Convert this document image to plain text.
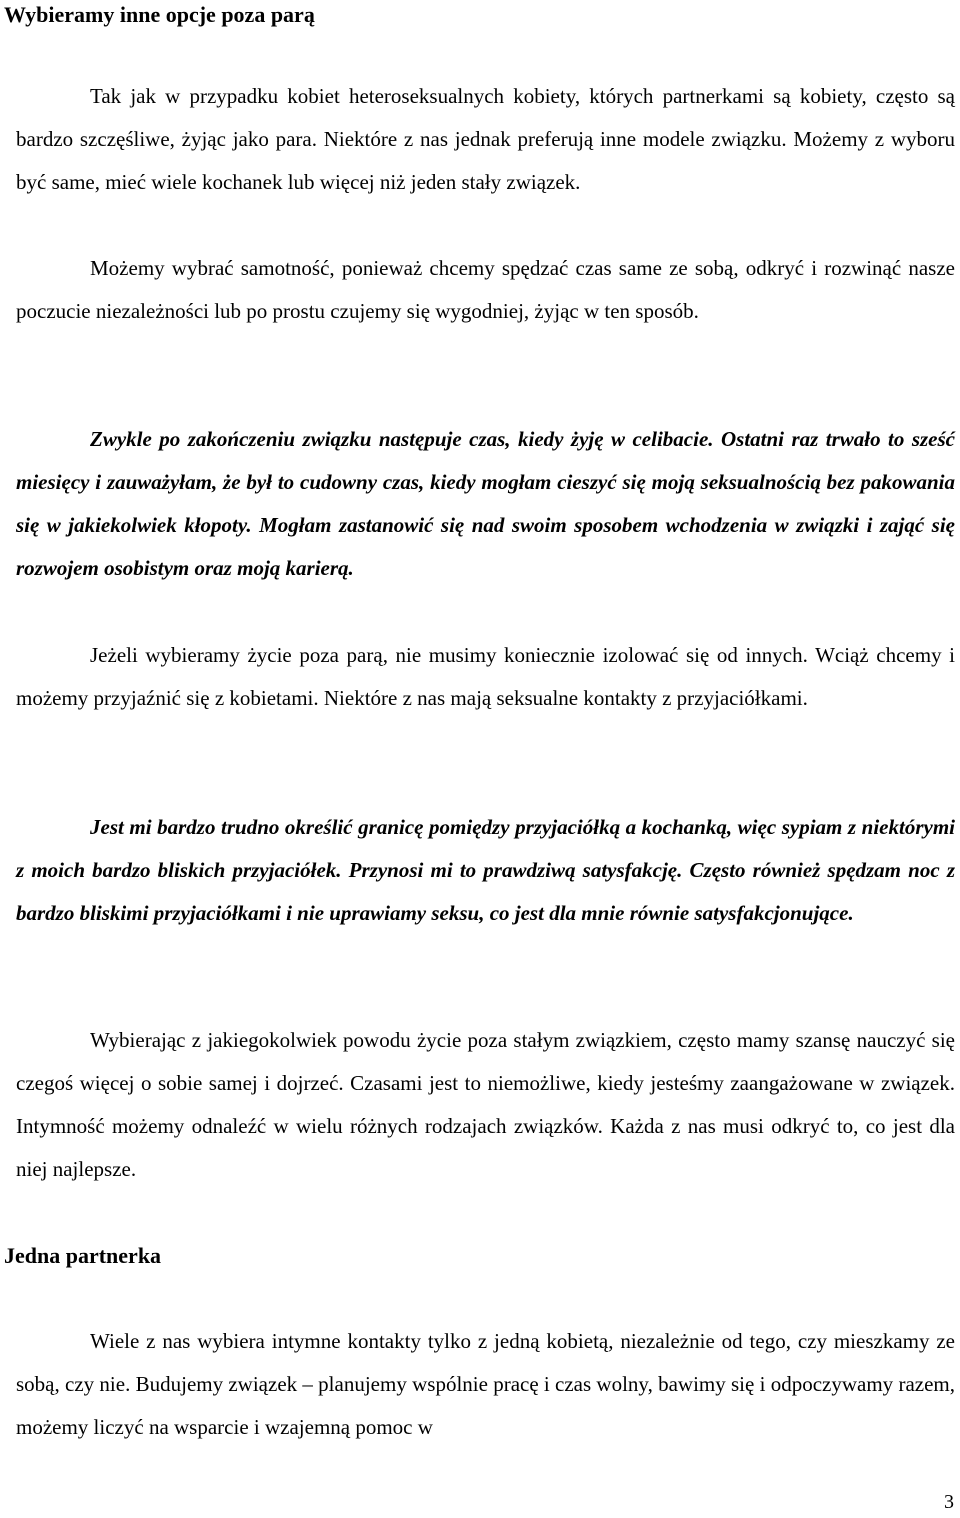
Wybieramy inne opcje poza parą

Tak jak w przypadku kobiet heteroseksualnych kobiety, których partnerkami są kobiety, często są bardzo szczęśliwe, żyjąc jako para. Niektóre z nas jednak preferują inne modele związku. Możemy z wyboru być same, mieć wiele kochanek lub więcej niż jeden stały związek.

Możemy wybrać samotność, ponieważ chcemy spędzać czas same ze sobą, odkryć i rozwinąć nasze poczucie niezależności lub po prostu czujemy się wygodniej, żyjąc w ten sposób.

Zwykle po zakończeniu związku następuje czas, kiedy żyję w celibacie. Ostatni raz trwało to sześć miesięcy i zauważyłam, że był to cudowny czas, kiedy mogłam cieszyć się moją seksualnością bez pakowania się w jakiekolwiek kłopoty. Mogłam zastanowić się nad swoim sposobem wchodzenia w związki i zająć się rozwojem osobistym oraz moją karierą.

Jeżeli wybieramy życie poza parą, nie musimy koniecznie izolować się od innych. Wciąż chcemy i możemy przyjaźnić się z kobietami. Niektóre z nas mają seksualne kontakty z przyjaciółkami.

Jest mi bardzo trudno określić granicę pomiędzy przyjaciółką a kochanką, więc sypiam z niektórymi z moich bardzo bliskich przyjaciółek. Przynosi mi to prawdziwą satysfakcję. Często również spędzam noc z bardzo bliskimi przyjaciółkami i nie uprawiamy seksu, co jest dla mnie równie satysfakcjonujące.

Wybierając z jakiegokolwiek powodu życie poza stałym związkiem, często mamy szansę nauczyć się czegoś więcej o sobie samej i dojrzeć. Czasami jest to niemożliwe, kiedy jesteśmy zaangażowane w związek. Intymność możemy odnaleźć w wielu różnych rodzajach związków. Każda z nas musi odkryć to, co jest dla niej najlepsze.

Jedna partnerka

Wiele z nas wybiera intymne kontakty tylko z jedną kobietą, niezależnie od tego, czy mieszkamy ze sobą, czy nie. Budujemy związek – planujemy wspólnie pracę i czas wolny, bawimy się i odpoczywamy razem, możemy liczyć na wsparcie i wzajemną pomoc w

3
